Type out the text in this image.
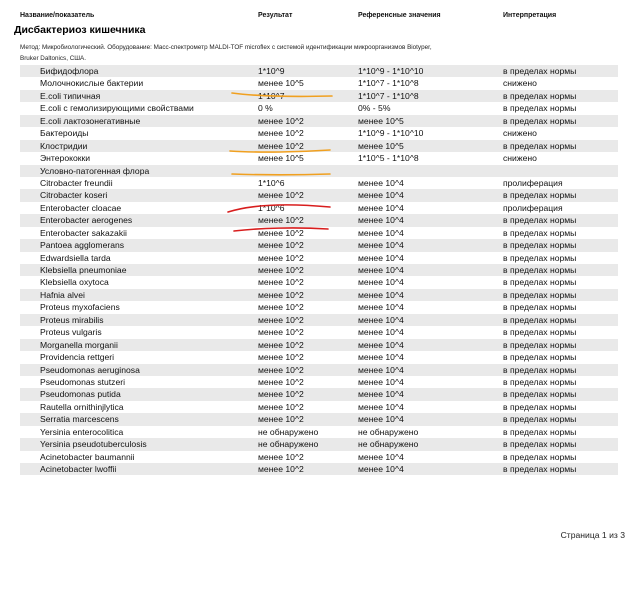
Название/показатель	Результат	Референсные значения	Интерпретация
Дисбактериоз кишечника
Метод: Микробиологический. Оборудование: Масс-спектрометр MALDI-TOF microflex с системой идентификации микроорганизмов Biotyper,
Bruker Daltonics, США.
Бифидофлора	1*10^9	1*10^9 - 1*10^10	в пределах нормы
Молочнокислые бактерии	менее 10^5	1*10^7 - 1*10^8	снижено
E.coli типичная	1*10^7	1*10^7 - 1*10^8	в пределах нормы
E.coli с гемолизирующими свойствами	0 %	0% - 5%	в пределах нормы
E.coli лактозонегативные	менее 10^2	менее 10^5	в пределах нормы
Бактероиды	менее 10^2	1*10^9 - 1*10^10	снижено
Клостридии	менее 10^2	менее 10^5	в пределах нормы
Энтерококки	менее 10^5	1*10^5 - 1*10^8	снижено
Условно-патогенная флора
Citrobacter freundii	1*10^6	менее 10^4	пролиферация
Citrobacter koseri	менее 10^2	менее 10^4	в пределах нормы
Enterobacter cloacae	1*10^6	менее 10^4	пролиферация
Enterobacter aerogenes	менее 10^2	менее 10^4	в пределах нормы
Enterobacter sakazakii	менее 10^2	менее 10^4	в пределах нормы
Pantoea agglomerans	менее 10^2	менее 10^4	в пределах нормы
Edwardsiella tarda	менее 10^2	менее 10^4	в пределах нормы
Klebsiella pneumoniae	менее 10^2	менее 10^4	в пределах нормы
Klebsiella oxytoca	менее 10^2	менее 10^4	в пределах нормы
Hafnia alvei	менее 10^2	менее 10^4	в пределах нормы
Proteus myxofaciens	менее 10^2	менее 10^4	в пределах нормы
Proteus mirabilis	менее 10^2	менее 10^4	в пределах нормы
Proteus vulgaris	менее 10^2	менее 10^4	в пределах нормы
Morganella morganii	менее 10^2	менее 10^4	в пределах нормы
Providencia rettgeri	менее 10^2	менее 10^4	в пределах нормы
Pseudomonas aeruginosa	менее 10^2	менее 10^4	в пределах нормы
Pseudomonas stutzeri	менее 10^2	менее 10^4	в пределах нормы
Pseudomonas putida	менее 10^2	менее 10^4	в пределах нормы
Rautella ornithinjlytica	менее 10^2	менее 10^4	в пределах нормы
Serratia marcescens	менее 10^2	менее 10^4	в пределах нормы
Yersinia enterocolitica	не обнаружено	не обнаружено	в пределах нормы
Yersinia pseudotuberculosis	не обнаружено	не обнаружено	в пределах нормы
Acinetobacter baumannii	менее 10^2	менее 10^4	в пределах нормы
Acinetobacter lwoffii	менее 10^2	менее 10^4	в пределах нормы
Страница 1 из 3
